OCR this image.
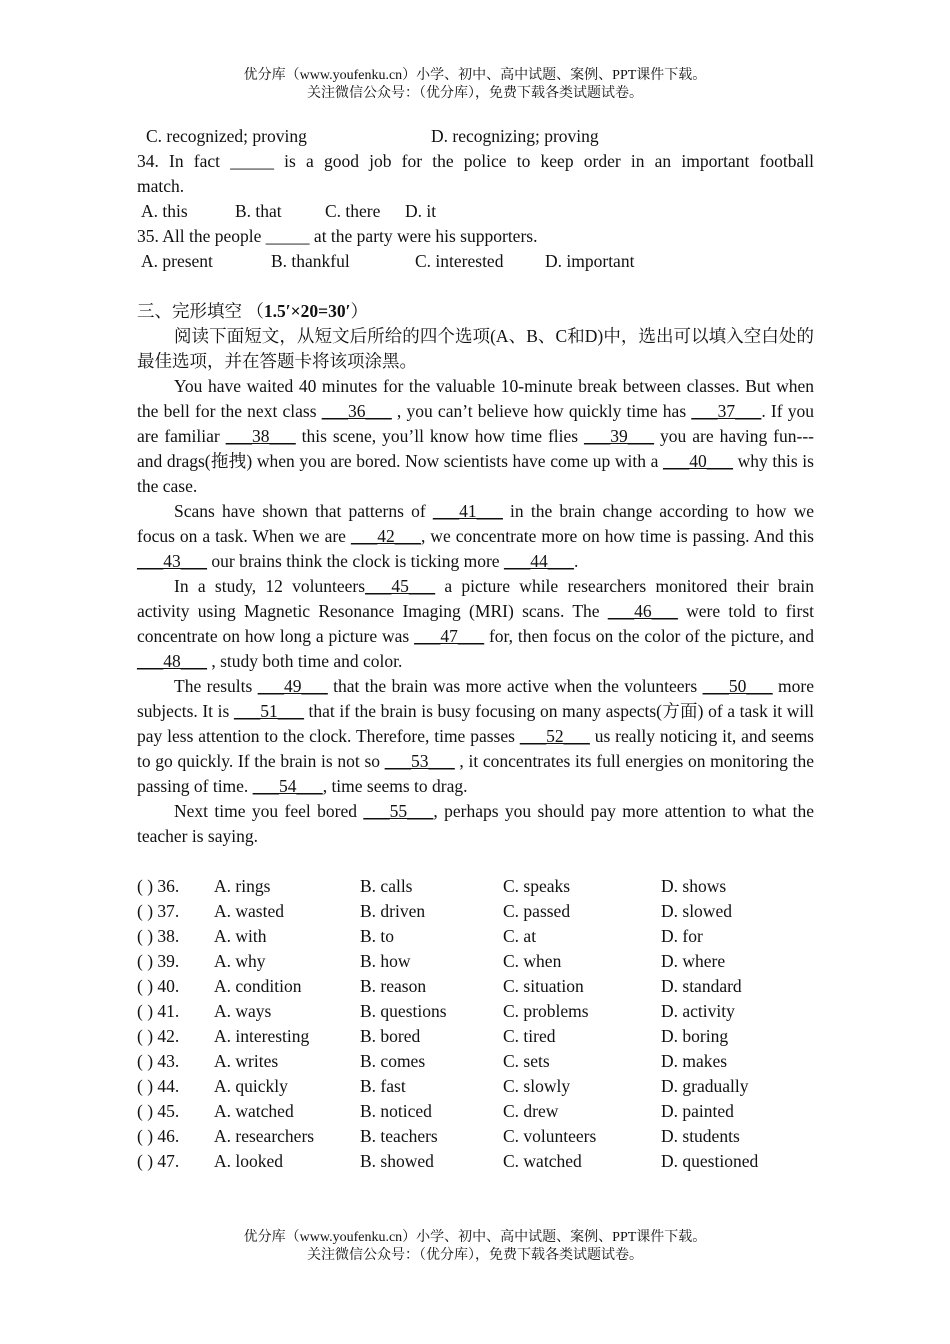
优分库（www.youfenku.cn）小学、初中、高中试题、案例、PPT课件下载。
关注微信公众号：（优分库），免费下载各类试题试卷。
C. recognized; proving	D. recognizing; proving
34. In fact _____ is a good job for the police to keep order in an important football
match.
A. this	B. that C. there D. it
35. All the people _____ at the party were his supporters.
A. present	B. thankful	C. interested D. important
三、完形填空 （1.5′×20=30′）
阅读下面短文，从短文后所给的四个选项(A、B、C和D)中，选出可以填入空白处的最佳选项，并在答题卡将该项涂黑。
You have waited 40 minutes for the valuable 10-minute break between classes. But when the bell for the next class ___36___ , you can’t believe how quickly time has ___37___. If you are familiar ___38___ this scene, you’ll know how time flies ___39___ you are having fun---and drags(拖拽) when you are bored. Now scientists have come up with a ___40___ why this is the case.
Scans have shown that patterns of ___41___ in the brain change according to how we focus on a task. When we are ___42___, we concentrate more on how time is passing. And this ___43___ our brains think the clock is ticking more ___44___.
In a study, 12 volunteers___45___ a picture while researchers monitored their brain activity using Magnetic Resonance Imaging (MRI) scans. The ___46___ were told to first concentrate on how long a picture was ___47___ for, then focus on the color of the picture, and ___48___ , study both time and color.
The results ___49___ that the brain was more active when the volunteers ___50___ more subjects. It is ___51___ that if the brain is busy focusing on many aspects(方面) of a task it will pay less attention to the clock. Therefore, time passes ___52___ us really noticing it, and seems to go quickly. If the brain is not so ___53___ , it concentrates its full energies on monitoring the passing of time. ___54___, time seems to drag.
Next time you feel bored ___55___, perhaps you should pay more attention to what the teacher is saying.
( ) 36.	A. rings	B. calls	C. speaks	D. shows
( ) 37.	A. wasted	B. driven	C. passed	D. slowed
( ) 38.	A. with	B. to	C. at	D. for
( ) 39.	A. why	B. how	C. when	D. where
( ) 40.	A. condition	B. reason	C. situation	D. standard
( ) 41.	A. ways	B. questions	C. problems	D. activity
( ) 42.	A. interesting	B. bored	C. tired	D. boring
( ) 43.	A. writes	B. comes	C. sets	D. makes
( ) 44.	A. quickly	B. fast	C. slowly	D. gradually
( ) 45.	A. watched	B. noticed	C. drew	D. painted
( ) 46.	A. researchers	B. teachers	C. volunteers	D. students
( ) 47.	A. looked	B. showed	C. watched	D. questioned
优分库（www.youfenku.cn）小学、初中、高中试题、案例、PPT课件下载。
关注微信公众号：（优分库），免费下载各类试题试卷。
